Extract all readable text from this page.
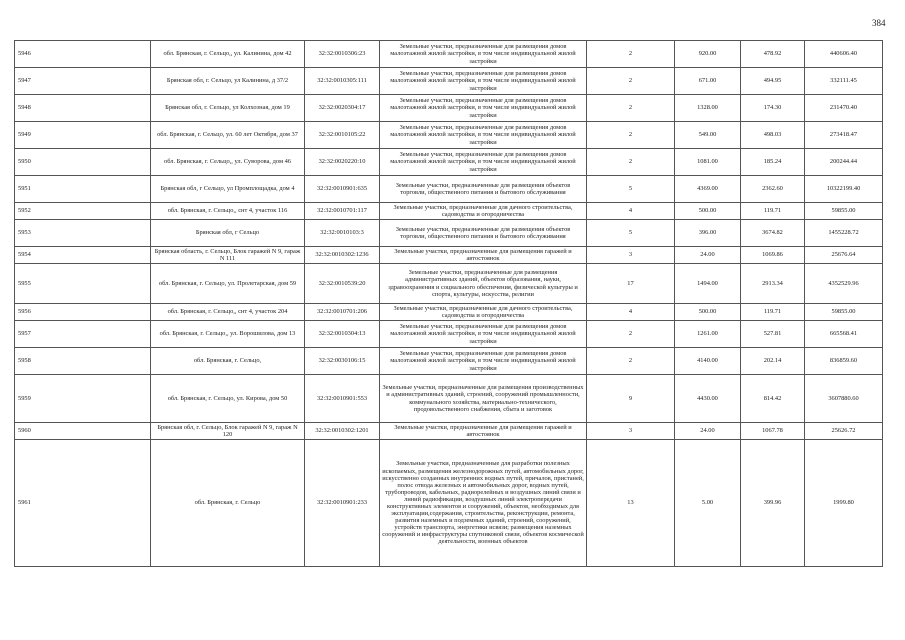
384
5946	обл. Брянская, г. Сельцо,, ул. Калинина, дом 42	32:32:0010306:23	Земельные участки, предназначенные для размещения домов малоэтажной жилой застройки, в том числе индивидуальной жилой застройки	2	920.00	478.92	440606.40
5947	Брянская обл, г. Сельцо, ул Калинина, д 37/2	32:32:0010305:111	Земельные участки, предназначенные для размещения домов малоэтажной жилой застройки, в том числе индивидуальной жилой застройки	2	671.00	494.95	332111.45
5948	Брянская обл, г. Сельцо, ул Колхозная, дом 19	32:32:0020304:17	Земельные участки, предназначенные для размещения домов малоэтажной жилой застройки, в том числе индивидуальной жилой застройки	2	1328.00	174.30	231470.40
5949	обл. Брянская, г. Сельцо, ул. 60 лет Октября, дом 37	32:32:0010105:22	Земельные участки, предназначенные для размещения домов малоэтажной жилой застройки, в том числе индивидуальной жилой застройки	2	549.00	498.03	273418.47
5950	обл. Брянская, г. Сельцо,, ул. Суворова, дом 46	32:32:0020220:10	Земельные участки, предназначенные для размещения домов малоэтажной жилой застройки, в том числе индивидуальной жилой застройки	2	1081.00	185.24	200244.44
5951	Брянская обл, г Сельцо, ул Промплощадка, дом 4	32:32:0010901:635	Земельные участки, предназначенные для размещения объектов торговли, общественного питания и бытового обслуживания	5	4369.00	2362.60	10322199.40
5952	обл. Брянская, г. Сельцо,, снт 4, участок 116	32:32:0010701:117	Земельные участки, предназначенные для дачного строительства, садоводства и огородничества	4	500.00	119.71	59855.00
5953	Брянская обл, г Сельцо	32:32:0010103:3	Земельные участки, предназначенные для размещения объектов торговли, общественного питания и бытового обслуживания	5	396.00	3674.82	1455228.72
5954	Брянская область, г. Сельцо, Блок гаражей N 9, гараж N 111	32:32:0010302:1236	Земельные участки, предназначенные для размещения гаражей и автостоянок	3	24.00	1069.86	25676.64
5955	обл. Брянская, г. Сельцо, ул. Пролетарская, дом 59	32:32:0010539:20	Земельные участки, предназначенные для размещения административных зданий, объектов образования, науки, здравоохранения и социального обеспечения, физической культуры и спорта, культуры, искусства, религии	17	1494.00	2913.34	4352529.96
5956	обл. Брянская, г. Сельцо,, снт 4, участок 204	32:32:0010701:206	Земельные участки, предназначенные для дачного строительства, садоводства и огородничества	4	500.00	119.71	59855.00
5957	обл. Брянская, г. Сельцо,, ул. Ворошилова, дом 13	32:32:0010304:13	Земельные участки, предназначенные для размещения домов малоэтажной жилой застройки, в том числе индивидуальной жилой застройки	2	1261.00	527.81	665568.41
5958	обл. Брянская, г. Сельцо,	32:32:0030106:15	Земельные участки, предназначенные для размещения домов малоэтажной жилой застройки, в том числе индивидуальной жилой застройки	2	4140.00	202.14	836859.60
5959	обл. Брянская, г. Сельцо, ул. Кирова, дом 50	32:32:0010901:553	Земельные участки, предназначенные для размещения производственных и административных зданий, строений, сооружений промышленности, коммунального хозяйства, материально-технического, продовольственного снабжения, сбыта и заготовок	9	4430.00	814.42	3607880.60
5960	Брянская обл, г. Сельцо, Блок гаражей N 9, гараж N 120	32:32:0010302:1201	Земельные участки, предназначенные для размещения гаражей и автостоянок	3	24.00	1067.78	25626.72
5961	обл. Брянская, г. Сельцо	32:32:0010901:233	Земельные участки, предназначенные для разработки полезных ископаемых, размещения железнодорожных путей, автомобильных дорог, искусственно созданных внутренних водных путей, причалов, пристаней, полос отвода железных и автомобильных дорог, водных путей, трубопроводов, кабельных, радиорелейных и воздушных линий связи и линий радиофикации, воздушных линий электропередачи конструктивных элементов и сооружений, объектов, необходимых для эксплуатации,содержания, строительства, реконструкции, ремонта, развития наземных и подземных зданий, строений, сооружений, устройств транспорта, энергетики исвязи; размещения наземных сооружений и инфраструктуры спутниковой связи, объектов космической деятельности, военных объектов	13	5.00	399.96	1999.80
